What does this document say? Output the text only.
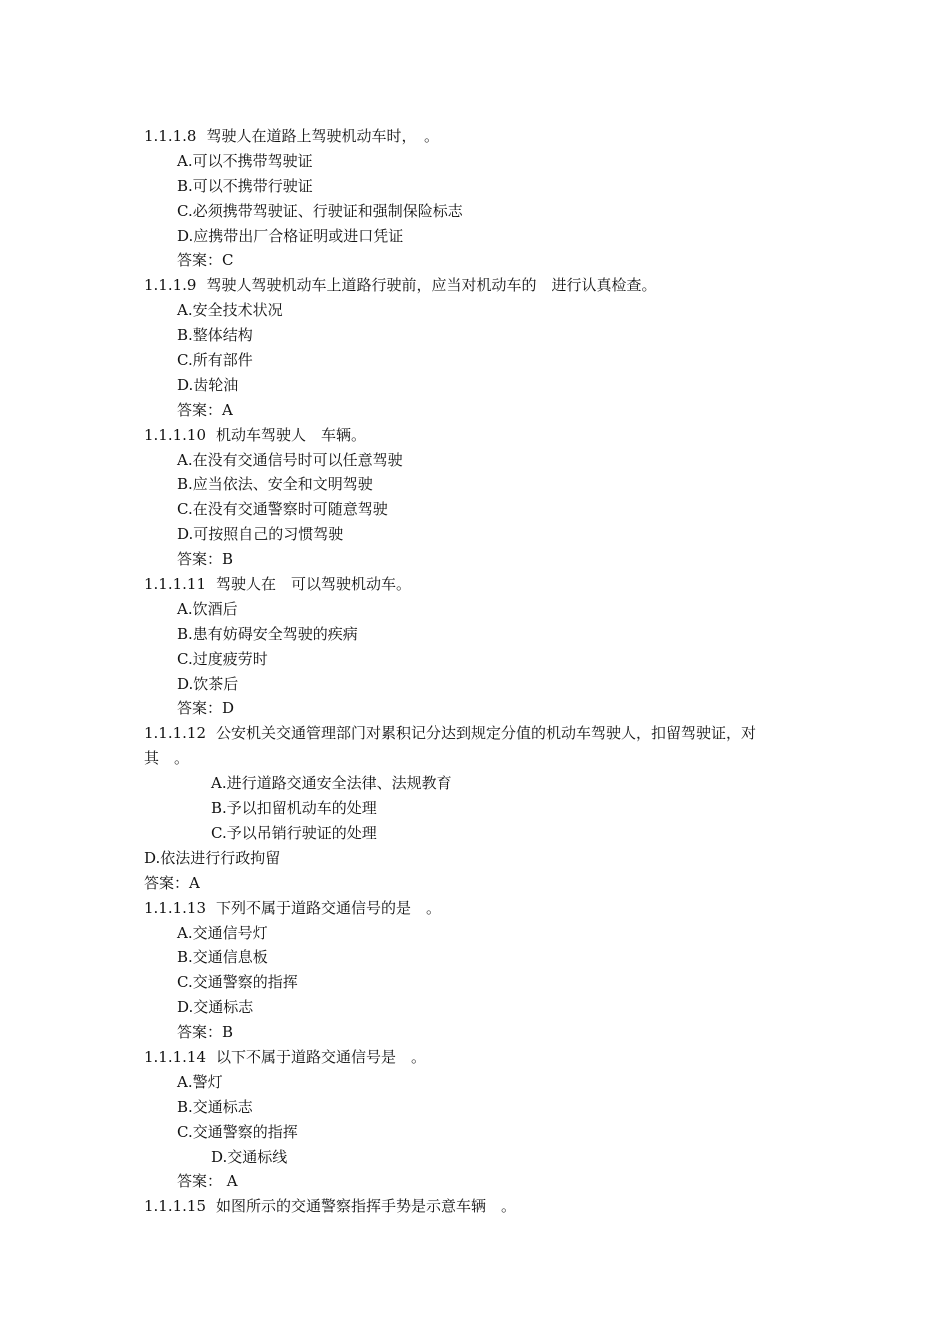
1.1.1.8 驾驶人在道路上驾驶机动车时，　。
A.可以不携带驾驶证
B.可以不携带行驶证
C.必须携带驾驶证、行驶证和强制保险标志
D.应携带出厂合格证明或进口凭证
答案：C
1.1.1.9 驾驶人驾驶机动车上道路行驶前，应当对机动车的　进行认真检查。
A.安全技术状况
B.整体结构
C.所有部件
D.齿轮油
答案：A
1.1.1.10 机动车驾驶人　车辆。
A.在没有交通信号时可以任意驾驶
B.应当依法、安全和文明驾驶
C.在没有交通警察时可随意驾驶
D.可按照自己的习惯驾驶
答案：B
1.1.1.11 驾驶人在　可以驾驶机动车。
A.饮酒后
B.患有妨碍安全驾驶的疾病
C.过度疲劳时
D.饮茶后
答案：D
1.1.1.12 公安机关交通管理部门对累积记分达到规定分值的机动车驾驶人，扣留驾驶证，对
其　。
A.进行道路交通安全法律、法规教育
B.予以扣留机动车的处理
C.予以吊销行驶证的处理
D.依法进行行政拘留
答案：A
1.1.1.13 下列不属于道路交通信号的是　。
A.交通信号灯
B.交通信息板
C.交通警察的指挥
D.交通标志
答案：B
1.1.1.14 以下不属于道路交通信号是　。
A.警灯
B.交通标志
C.交通警察的指挥
D.交通标线
答案： A
1.1.1.15 如图所示的交通警察指挥手势是示意车辆　。
